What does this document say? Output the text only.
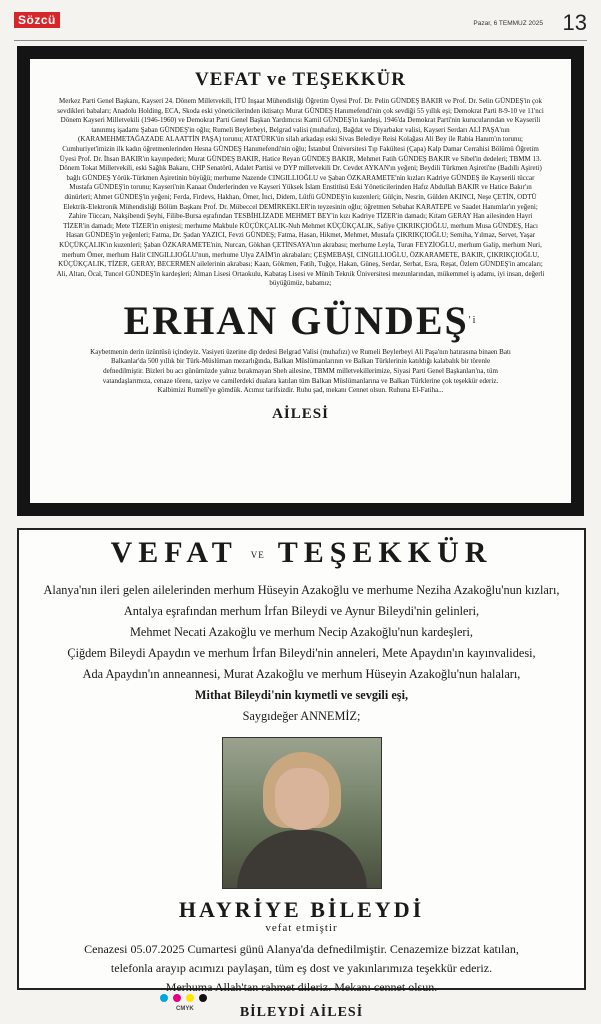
Sözcü	Pazar, 6 TEMMUZ 2025 13
VEFAT ve TEŞEKKÜR
Merkez Parti Genel Başkanı, Kayseri 24. Dönem Milletvekili, İTÜ İnşaat Mühendisliği Öğretim Üyesi Prof. Dr. Pelin GÜNDEŞ BAKIR ve Prof. Dr. Selin GÜNDEŞ'in çok sevdikleri babaları; Anadolu Holding, ECA, Skoda eski yöneticilerinden iktisatçı Murat GÜNDEŞ Hanımefendi'nin çok sevdiği 55 yıllık eşi; Demokrat Parti 8-9-10 ve 11'nci Dönem Kayseri Milletvekili (1946-1960) ve Demokrat Parti Genel Başkan Yardımcısı Kamil GÜNDEŞ'in kardeşi, 1946'da Demokrat Parti'nin kurucularından ve Kayserili tanınmış işadamı Şaban GÜNDEŞ'in oğlu; Rumeli Beylerbeyi, Belgrad valisi (muhafızı), Bağdat ve Diyarbakır valisi, Kayseri Serdarı ALİ PAŞA'nın (KARAMEHMETAĞAZADE ALAATTİN PAŞA) torunu; ATATÜRK'ün silah arkadaşı eski Sivas Belediye Reisi Kolağası Ali Bey ile Rabia Hanım'ın torunu; Cumhuriyet'imizin ilk kadın öğretmenlerinden Hesna GÜNDEŞ Hanımefendi'nin oğlu; İstanbul Üniversitesi Tıp Fakültesi (Çapa) Kalp Damar Cerrahisi Bölümü Öğretim Üyesi Prof. Dr. İhsan BAKIR'ın kayınpederi; Murat GÜNDEŞ BAKIR, Hatice Reyan GÜNDEŞ BAKIR, Mehmet Fatih GÜNDEŞ BAKIR ve Sibel'in dedeleri; TBMM 13. Dönem Tokat Milletvekili, eski Sağlık Bakanı, CHP Senatörü, Adalet Partisi ve DYP milletvekili Dr. Cevdet AYKAN'ın yeğeni; Beydili Türkmen Aşireti'ne (Badıllı Aşireti) bağlı GÜNDEŞ Yörük-Türkmen Aşiretinin büyüğü; merhume Nazende CINGILLIOĞLU ve Şaban ÖZKARAMETE'nin kızları Kadriye GÜNDEŞ ile Kayserili tüccar Mustafa GÜNDEŞ'in torunu; Kayseri'nin Kanaat Önderlerinden ve Kayseri Yüksek İslam Enstitüsü Eski Yöneticilerinden Hafız Abdullah BAKIR ve Hatice Bakır'ın dünürleri; Ahmet GÜNDEŞ'in yeğeni; Ferda, Firdevs, Hakhan, Ömer, İnci, Didem, Lütfü GÜNDEŞ'in kuzenleri; Gülçin, Nesrin, Gülden AKINCI, Neşe ÇETİN, ODTÜ Elektrik-Elektronik Mühendisliği Bölüm Başkanı Prof. Dr. Mübeccel DEMİRKEKLER'in teyzesinin oğlu; öğretmen Sebahat KARATEPE ve Saadet Hanımlar'ın yeğeni; Zahire Tüccarı, Nakşibendi Şeyhi, Filibe-Bursa eşrafından TESBİHLİZADE MEHMET BEY'in kızı Kadriye TİZER'in damadı; Kıtam GERAY Han ailesinden Hayri TİZER'in damadı; Mete TİZER'in eniştesi; merhume Makbule KÜÇÜKÇALIK-Nuh Mehmet KÜÇÜKÇALIK, Safiye ÇIKRIKÇIOĞLU, merhum Musa GÜNDEŞ, Hacı Hasan GÜNDEŞ'in yeğenleri; Fatma, Dr. Şadan YAZICI, Fevzi GÜNDEŞ; Fatma, Hasan, Hikmet, Mehmet, Mustafa ÇIKRIKÇIOĞLU; Semiha, Yılmaz, Servet, Yaşar KÜÇÜKÇALIK'ın kuzenleri; Şaban ÖZKARAMETE'nin, Nurcan, Gökhan ÇETİNSAYA'nın akrabası; merhume Leyla, Turan FEYZİOĞLU, merhum Galip, merhum Nuri, merhum Ömer, merhum Halit CINGILLIOĞLU'nun, merhume Ulya ZAİM'in akrabaları; ÇEŞMEBAŞI, CINGILLIOĞLU, ÖZKARAMETE, BAKIR, ÇIKRIKÇIOĞLU, KÜÇÜKÇALIK, TİZER, GERAY, BECERMEN ailelerinin akrabası; Kaan, Gökmen, Fatih, Tuğçe, Hakan, Güneş, Serdar, Serhat, Esra, Reşat, Özlem GÜNDEŞ'in amcaları; Ali, Altan, Öcal, Tuncel GÜNDEŞ'in kardeşleri; Alman Lisesi Ortaokulu, Kabataş Lisesi ve Münih Teknik Üniversitesi mezunlarından, mükemmel iş adamı, iyi insan, değerli büyüğümüz, babamız;
ERHAN $GÜNDEŞ^{'i}$
Kaybetmenin derin üzüntüsü içindeyiz. Vasiyeti üzerine dip dedesi Belgrad Valisi (muhafızı) ve Rumeli Beylerbeyi Ali Paşa'nın hatırasına binaen Batı Balkanlar'da 500 yıllık bir Türk-Müslüman mezarlığında, Balkan Müslümanlarının ve Balkan Türklerinin katıldığı kalabalık bir törenle defnedilmiştir. Bizleri bu acı günümüzde yalnız bırakmayan Sheh ailesine, TBMM milletvekillerimize, Siyasi Parti Genel Başkanları'na, tüm vatandaşlarımıza, cenaze törenı, taziye ve camilerdeki dualara katılan tüm Balkan Müslümanlarına ve Balkan Türklerine çok teşekkür ederiz. Kalbimizi Rumeli'ye gömdük. Acımız tarifsizdir. Ruhu şad, mekanı Cennet olsun. Ruhuna El-Fatiha...
AİLESİ
VEFAT VE TEŞEKKÜR
Alanya'nın ileri gelen ailelerinden merhum Hüseyin Azakoğlu ve merhume Neziha Azakoğlu'nun kızları,
Antalya eşrafından merhum İrfan Bileydi ve Aynur Bileydi'nin gelinleri,
Mehmet Necati Azakoğlu ve merhum Necip Azakoğlu'nun kardeşleri,
Çiğdem Bileydi Apaydın ve merhum İrfan Bileydi'nin anneleri, Mete Apaydın'ın kayınvalidesi,
Ada Apaydın'ın anneannesi, Murat Azakoğlu ve merhum Hüseyin Azakoğlu'nun halaları,
Mithat Bileydi'nin kıymetli ve sevgili eşi,
Saygıdeğer ANNEMİZ;
HAYRİYE BİLEYDİ
vefat etmiştir
Cenazesi 05.07.2025 Cumartesi günü Alanya'da defnedilmiştir. Cenazemize bizzat katılan,
telefonla arayıp acımızı paylaşan, tüm eş dost ve yakınlarımıza teşekkür ederiz.
Merhuma Allah'tan rahmet dileriz. Mekanı cennet olsun.
BİLEYDİ AİLESİ
CMYK
